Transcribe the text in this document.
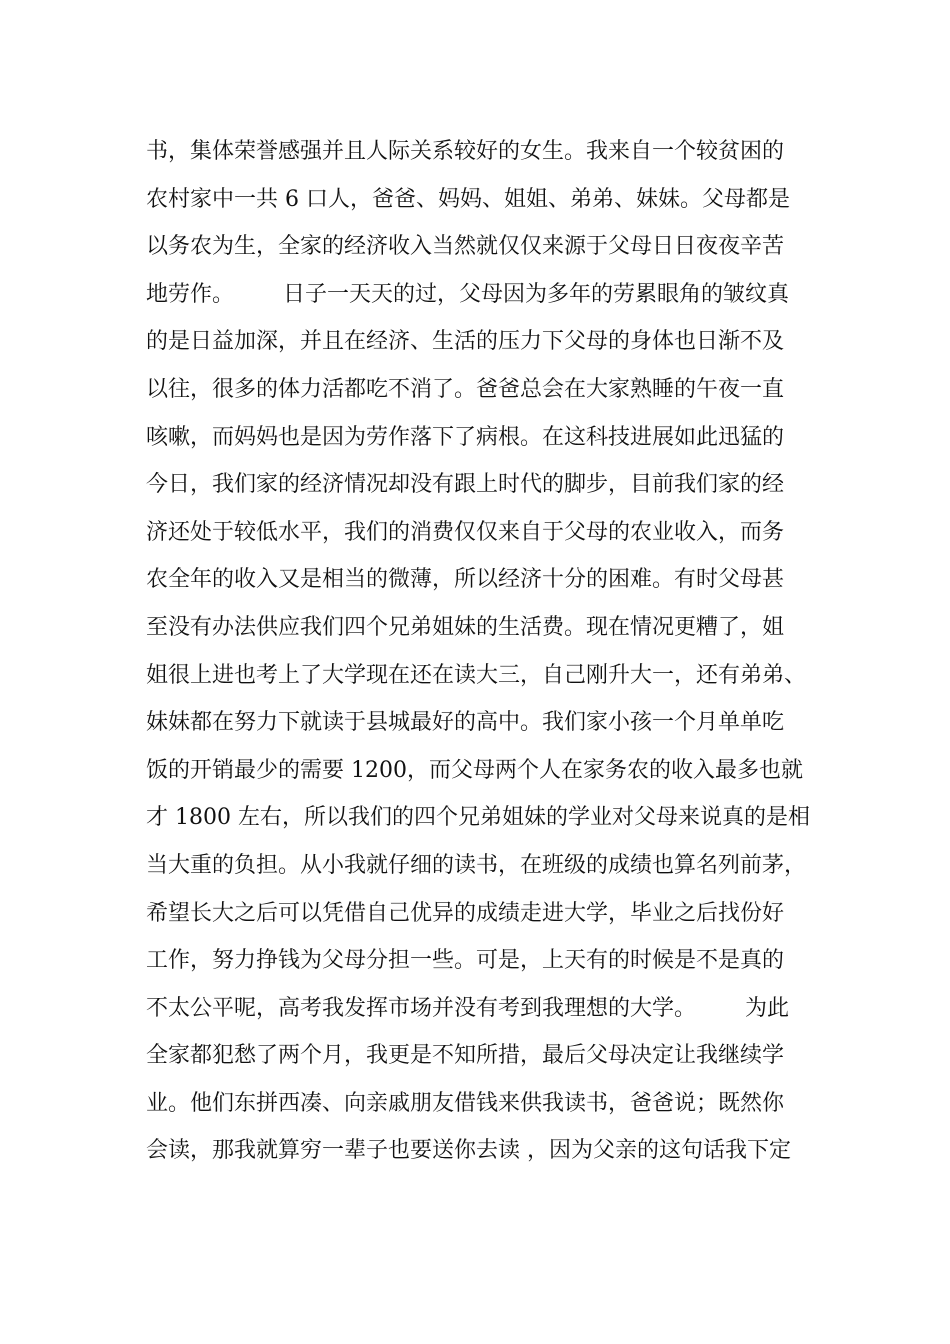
书，集体荣誉感强并且人际关系较好的女生。我来自一个较贫困的
农村家中一共 6 口人，爸爸、妈妈、姐姐、弟弟、妹妹。父母都是
以务农为生，全家的经济收入当然就仅仅来源于父母日日夜夜辛苦
地劳作。       日子一天天的过，父母因为多年的劳累眼角的皱纹真
的是日益加深，并且在经济、生活的压力下父母的身体也日渐不及
以往，很多的体力活都吃不消了。爸爸总会在大家熟睡的午夜一直
咳嗽，而妈妈也是因为劳作落下了病根。在这科技进展如此迅猛的
今日，我们家的经济情况却没有跟上时代的脚步，目前我们家的经
济还处于较低水平，我们的消费仅仅来自于父母的农业收入，而务
农全年的收入又是相当的微薄，所以经济十分的困难。有时父母甚
至没有办法供应我们四个兄弟姐妹的生活费。现在情况更糟了，姐
姐很上进也考上了大学现在还在读大三，自己刚升大一，还有弟弟、
妹妹都在努力下就读于县城最好的高中。我们家小孩一个月单单吃
饭的开销最少的需要 1200，而父母两个人在家务农的收入最多也就
才 1800 左右，所以我们的四个兄弟姐妹的学业对父母来说真的是相
当大重的负担。从小我就仔细的读书，在班级的成绩也算名列前茅，
希望长大之后可以凭借自己优异的成绩走进大学，毕业之后找份好
工作，努力挣钱为父母分担一些。可是，上天有的时候是不是真的
不太公平呢，高考我发挥市场并没有考到我理想的大学。       为此
全家都犯愁了两个月，我更是不知所措，最后父母决定让我继续学
业。他们东拼西凑、向亲戚朋友借钱来供我读书，爸爸说；既然你
会读，那我就算穷一辈子也要送你去读 ，因为父亲的这句话我下定
